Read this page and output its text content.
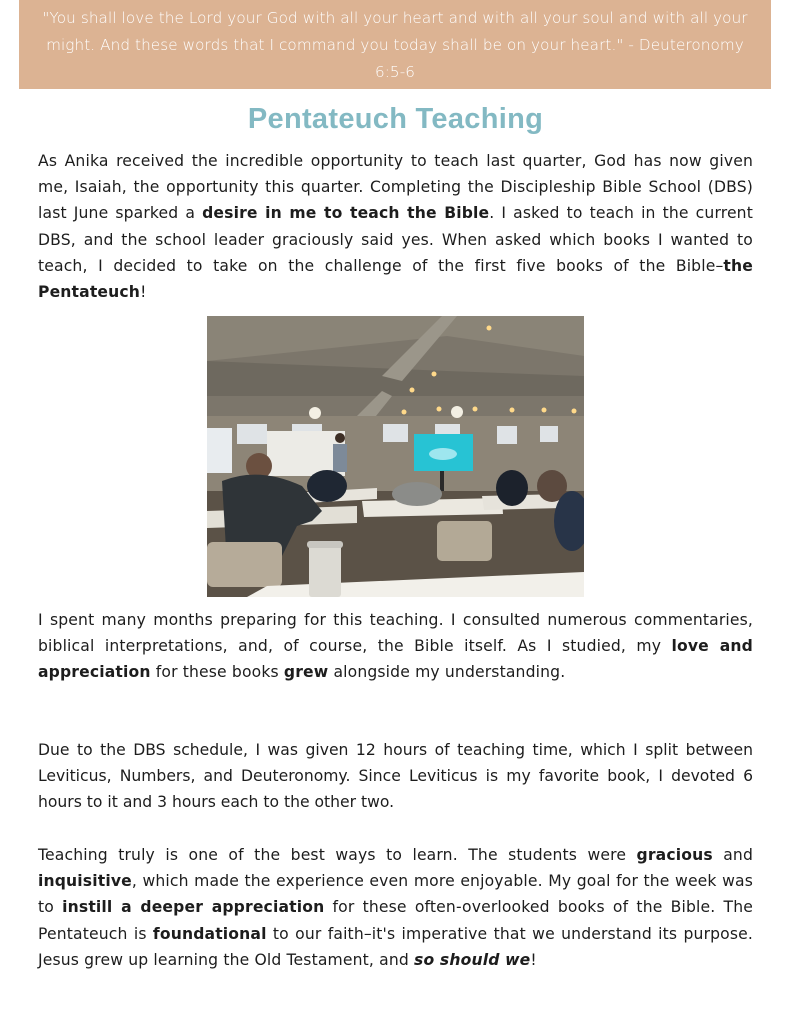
"You shall love the Lord your God with all your heart and with all your soul and with all your might. And these words that I command you today shall be on your heart." - Deuteronomy 6:5-6
Pentateuch Teaching
As Anika received the incredible opportunity to teach last quarter, God has now given me, Isaiah, the opportunity this quarter. Completing the Discipleship Bible School (DBS) last June sparked a desire in me to teach the Bible. I asked to teach in the current DBS, and the school leader graciously said yes. When asked which books I wanted to teach, I decided to take on the challenge of the first five books of the Bible–the Pentateuch!
I spent many months preparing for this teaching. I consulted numerous commentaries, biblical interpretations, and, of course, the Bible itself. As I studied, my love and appreciation for these books grew alongside my understanding.
Due to the DBS schedule, I was given 12 hours of teaching time, which I split between Leviticus, Numbers, and Deuteronomy. Since Leviticus is my favorite book, I devoted 6 hours to it and 3 hours each to the other two.
Teaching truly is one of the best ways to learn. The students were gracious and inquisitive, which made the experience even more enjoyable. My goal for the week was to instill a deeper appreciation for these often-overlooked books of the Bible. The Pentateuch is foundational to our faith–it's imperative that we understand its purpose. Jesus grew up learning the Old Testament, and so should we!
